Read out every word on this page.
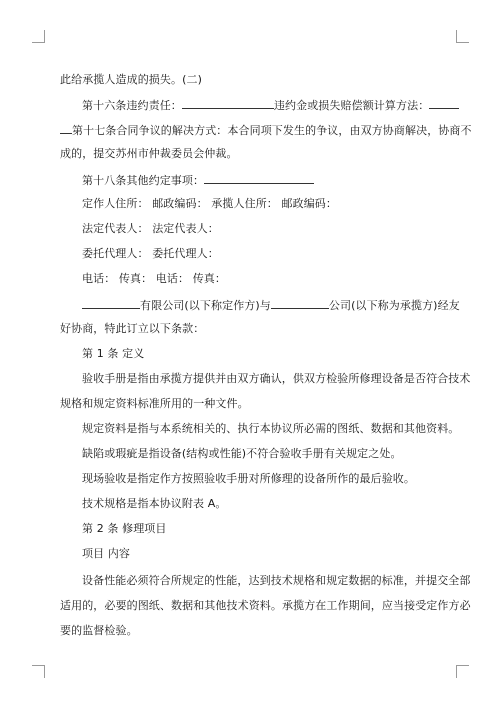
此给承揽人造成的损失。(二)
第十六条违约责任：	违约金或损失赔偿额计算方法：
第十七条合同争议的解决方式：本合同项下发生的争议，由双方协商解决，协商不
成的，提交苏州市仲裁委员会仲裁。
第十八条其他约定事项：
定作人住所： 邮政编码： 承揽人住所： 邮政编码：
法定代表人： 法定代表人：
委托代理人： 委托代理人：
电话： 传真： 电话： 传真：
有限公司(以下称定作方)与	公司(以下称为承揽方)经友
好协商，特此订立以下条款：
第 1 条 定义
验收手册是指由承揽方提供并由双方确认，供双方检验所修理设备是否符合技术
规格和规定资料标准所用的一种文件。
规定资料是指与本系统相关的、执行本协议所必需的图纸、数据和其他资料。
缺陷或瑕疵是指设备(结构或性能)不符合验收手册有关规定之处。
现场验收是指定作方按照验收手册对所修理的设备所作的最后验收。
技术规格是指本协议附表 A。
第 2 条 修理项目
项目 内容
设备性能必须符合所规定的性能，达到技术规格和规定数据的标准，并提交全部
适用的，必要的图纸、数据和其他技术资料。承揽方在工作期间，应当接受定作方必
要的监督检验。
